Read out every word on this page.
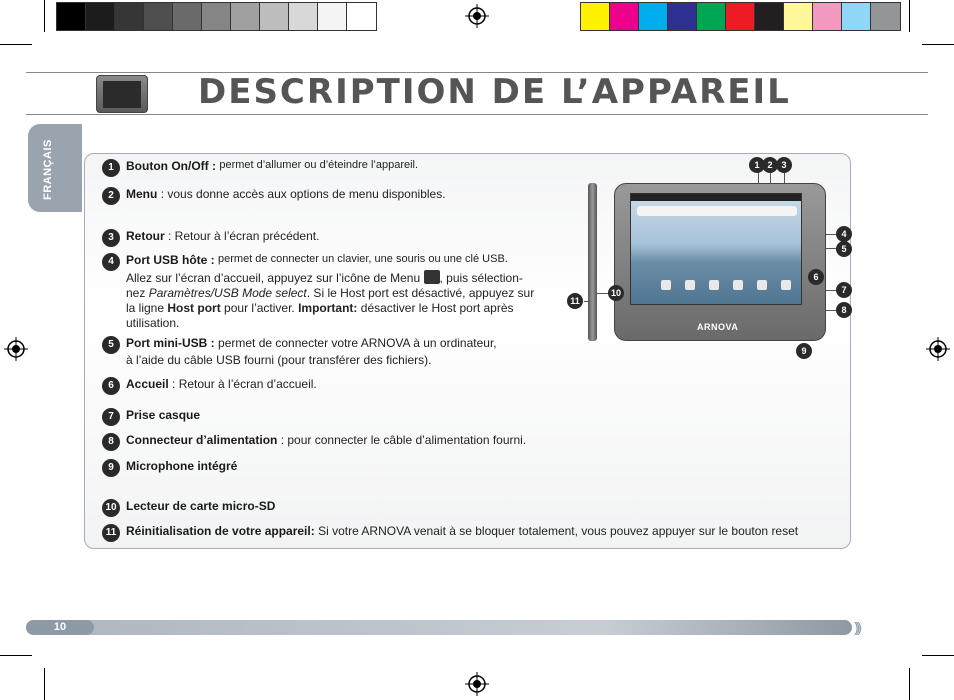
DESCRIPTION DE L’APPAREIL
FRANÇAIS	1	Bouton On/Off :
permet d’allumer ou d’éteindre l’appareil.
2	Menu
: vous donne accès aux options de menu disponibles.
3	Retour
: Retour à l’écran précédent.
4	Port USB hôte :
permet de connecter un clavier, une souris ou une clé USB.
Allez sur l’écran d’accueil, appuyez sur l’icône de Menu , puis sélection-
nez Paramètres/USB Mode select. Si le Host port est désactivé, appuyez sur
la ligne Host port pour l’activer. Important: désactiver le Host port après
utilisation.
5	Port mini-USB :
permet de connecter votre ARNOVA à un ordinateur,
à l’aide du câble USB fourni (pour transférer des fichiers).
6	Accueil
: Retour à l’écran d’accueil.
7	Prise casque
8	Connecteur d’alimentation
: pour connecter le câble d’alimentation fourni.
9	Microphone intégré
10 Lecteur de carte micro-SD
11 Réinitialisation de votre appareil:
Si votre ARNOVA venait à se bloquer totalement, vous pouvez appuyer sur le bouton reset
ARNOVA
1 2 3
4
5
6
7
8
9
10
11
10	)))
